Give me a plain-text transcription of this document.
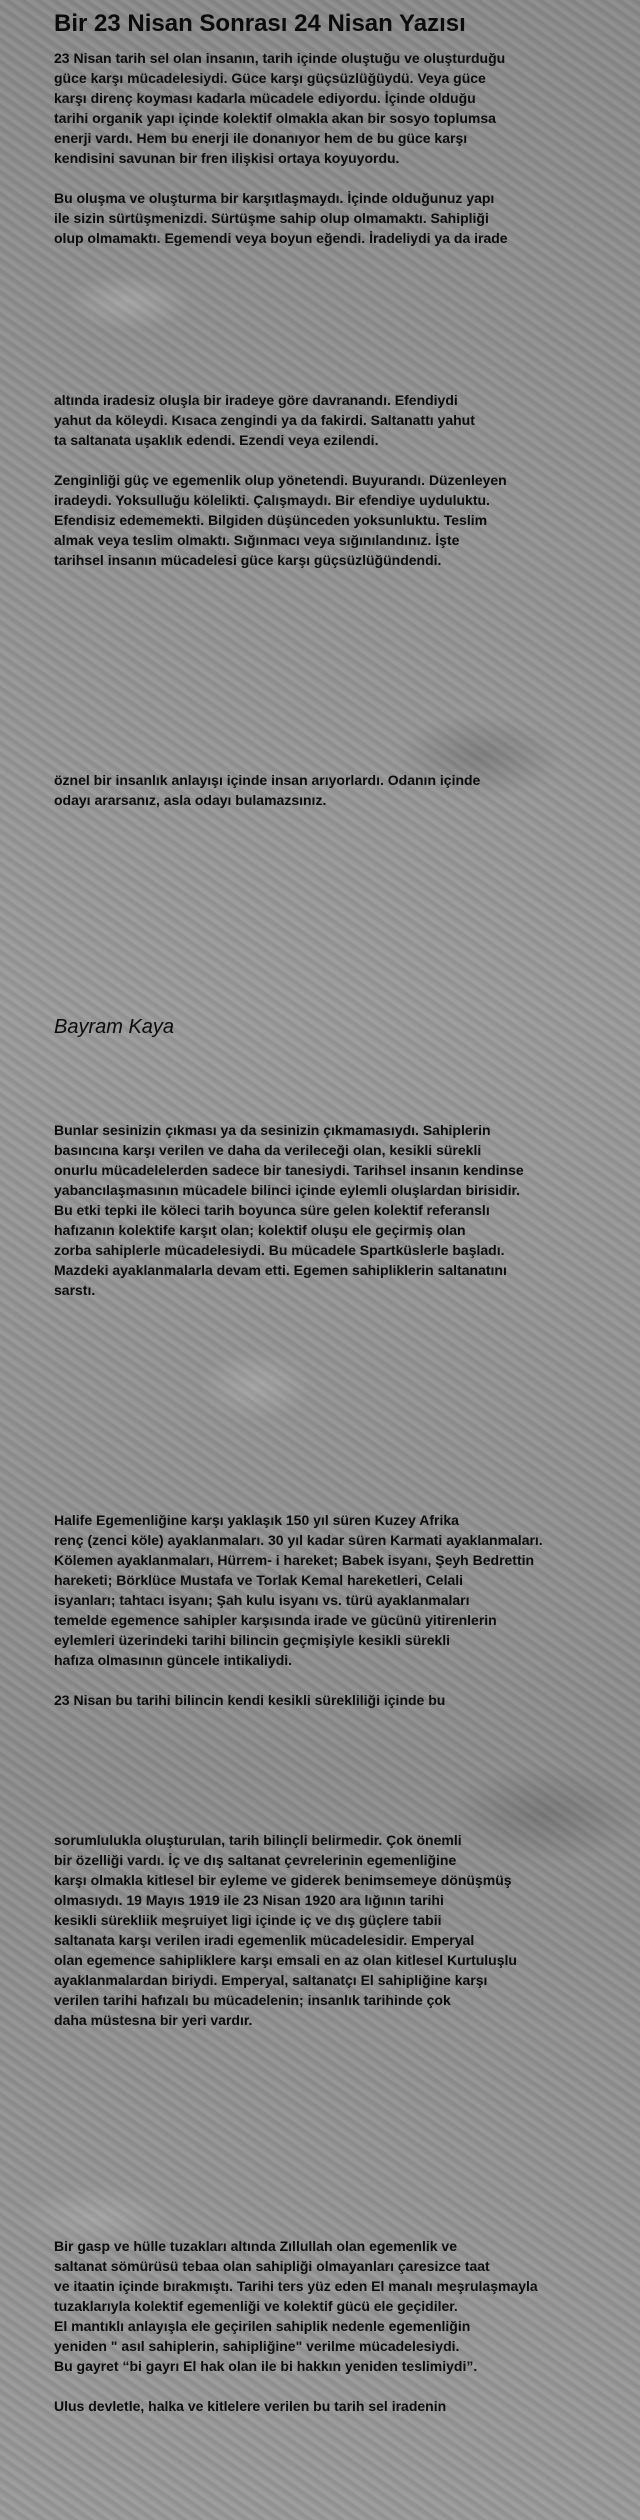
Bir 23 Nisan Sonrası 24 Nisan Yazısı
23 Nisan tarih sel olan insanın, tarih içinde oluştuğu ve oluşturduğu
güce karşı mücadelesiydi. Güce karşı güçsüzlüğüydü. Veya güce
karşı direnç koyması kadarla mücadele ediyordu. İçinde olduğu
tarihi organik yapı içinde kolektif olmakla akan bir sosyo toplumsa
enerji vardı. Hem bu enerji ile donanıyor hem de bu güce karşı
kendisini savunan bir fren ilişkisi ortaya koyuyordu.
Bu oluşma ve oluşturma bir karşıtlaşmaydı. İçinde olduğunuz yapı
ile sizin sürtüşmenizdi. Sürtüşme sahip olup olmamaktı. Sahipliği
olup olmamaktı. Egemendi veya boyun eğendi. İradeliydi ya da irade
altında iradesiz oluşla bir iradeye göre davranandı. Efendiydi
yahut da köleydi. Kısaca zengindi ya da fakirdi. Saltanattı yahut
ta saltanata uşaklık edendi. Ezendi veya ezilendi.
Zenginliği güç ve egemenlik olup yönetendi. Buyurandı. Düzenleyen
iradeydi. Yoksulluğu kölelikti. Çalışmaydı. Bir efendiye uyduluktu.
Efendisiz edememekti. Bilgiden düşünceden yoksunluktu. Teslim
almak veya teslim olmaktı. Sığınmacı veya sığınılandınız. İşte
tarihsel insanın mücadelesi güce karşı güçsüzlüğündendi.
öznel bir insanlık anlayışı içinde insan arıyorlardı. Odanın içinde
odayı ararsanız, asla odayı bulamazsınız.
Bayram Kaya
Bunlar sesinizin çıkması ya da sesinizin çıkmamasıydı. Sahiplerin
basıncına karşı verilen ve daha da verileceği olan, kesikli sürekli
onurlu mücadelelerden sadece bir tanesiydi. Tarihsel insanın kendinse
yabancılaşmasının mücadele bilinci içinde eylemli oluşlardan birisidir.
Bu etki tepki ile köleci tarih boyunca süre gelen kolektif referanslı
hafızanın kolektife karşıt olan; kolektif oluşu ele geçirmiş olan
zorba sahiplerle mücadelesiydi. Bu mücadele Spartküslerle başladı.
Mazdeki ayaklanmalarla devam etti. Egemen sahipliklerin saltanatını
sarstı.
Halife Egemenliğine karşı yaklaşık 150 yıl süren Kuzey Afrika
renç (zenci köle) ayaklanmaları. 30 yıl kadar süren Karmati ayaklanmaları.
Kölemen ayaklanmaları, Hürrem- i hareket; Babek isyanı, Şeyh Bedrettin
hareketi; Börklüce Mustafa ve Torlak Kemal hareketleri, Celali
isyanları; tahtacı isyanı; Şah kulu isyanı vs. türü ayaklanmaları
temelde egemence sahipler karşısında irade ve gücünü yitirenlerin
eylemleri üzerindeki tarihi bilincin geçmişiyle kesikli sürekli
hafıza olmasının güncele intikaliydi.
23 Nisan bu tarihi bilincin kendi kesikli sürekliliği içinde bu
sorumlulukla oluşturulan, tarih bilinçli belirmedir. Çok önemli
bir özelliği vardı. İç ve dış saltanat çevrelerinin egemenliğine
karşı olmakla kitlesel bir eyleme ve giderek benimsemeye dönüşmüş
olmasıydı. 19 Mayıs 1919 ile 23 Nisan 1920 ara lığının tarihi
kesikli sürekliik meşruiyet ligi içinde iç ve dış güçlere tabii
saltanata karşı verilen iradi egemenlik mücadelesidir. Emperyal
olan egemence sahipliklere karşı emsali en az olan kitlesel Kurtuluşlu
ayaklanmalardan biriydi. Emperyal, saltanatçı El sahipliğine karşı
verilen tarihi hafızalı bu mücadelenin; insanlık tarihinde çok
daha müstesna bir yeri vardır.
Bir gasp ve hülle tuzakları altında Zıllullah olan egemenlik ve
saltanat sömürüsü tebaa olan sahipliği olmayanları çaresizce taat
ve itaatin içinde bırakmıştı. Tarihi ters yüz eden El manalı meşrulaşmayla
tuzaklarıyla kolektif egemenliği ve kolektif gücü ele geçidiler.
El mantıklı anlayışla ele geçirilen sahiplik nedenle egemenliğin
yeniden " asıl sahiplerin, sahipliğine" verilme mücadelesiydi.
Bu gayret “bi gayrı El hak olan ile bi hakkın yeniden teslimiydi”.
Ulus devletle, halka ve kitlelere verilen bu tarih sel iradenin
